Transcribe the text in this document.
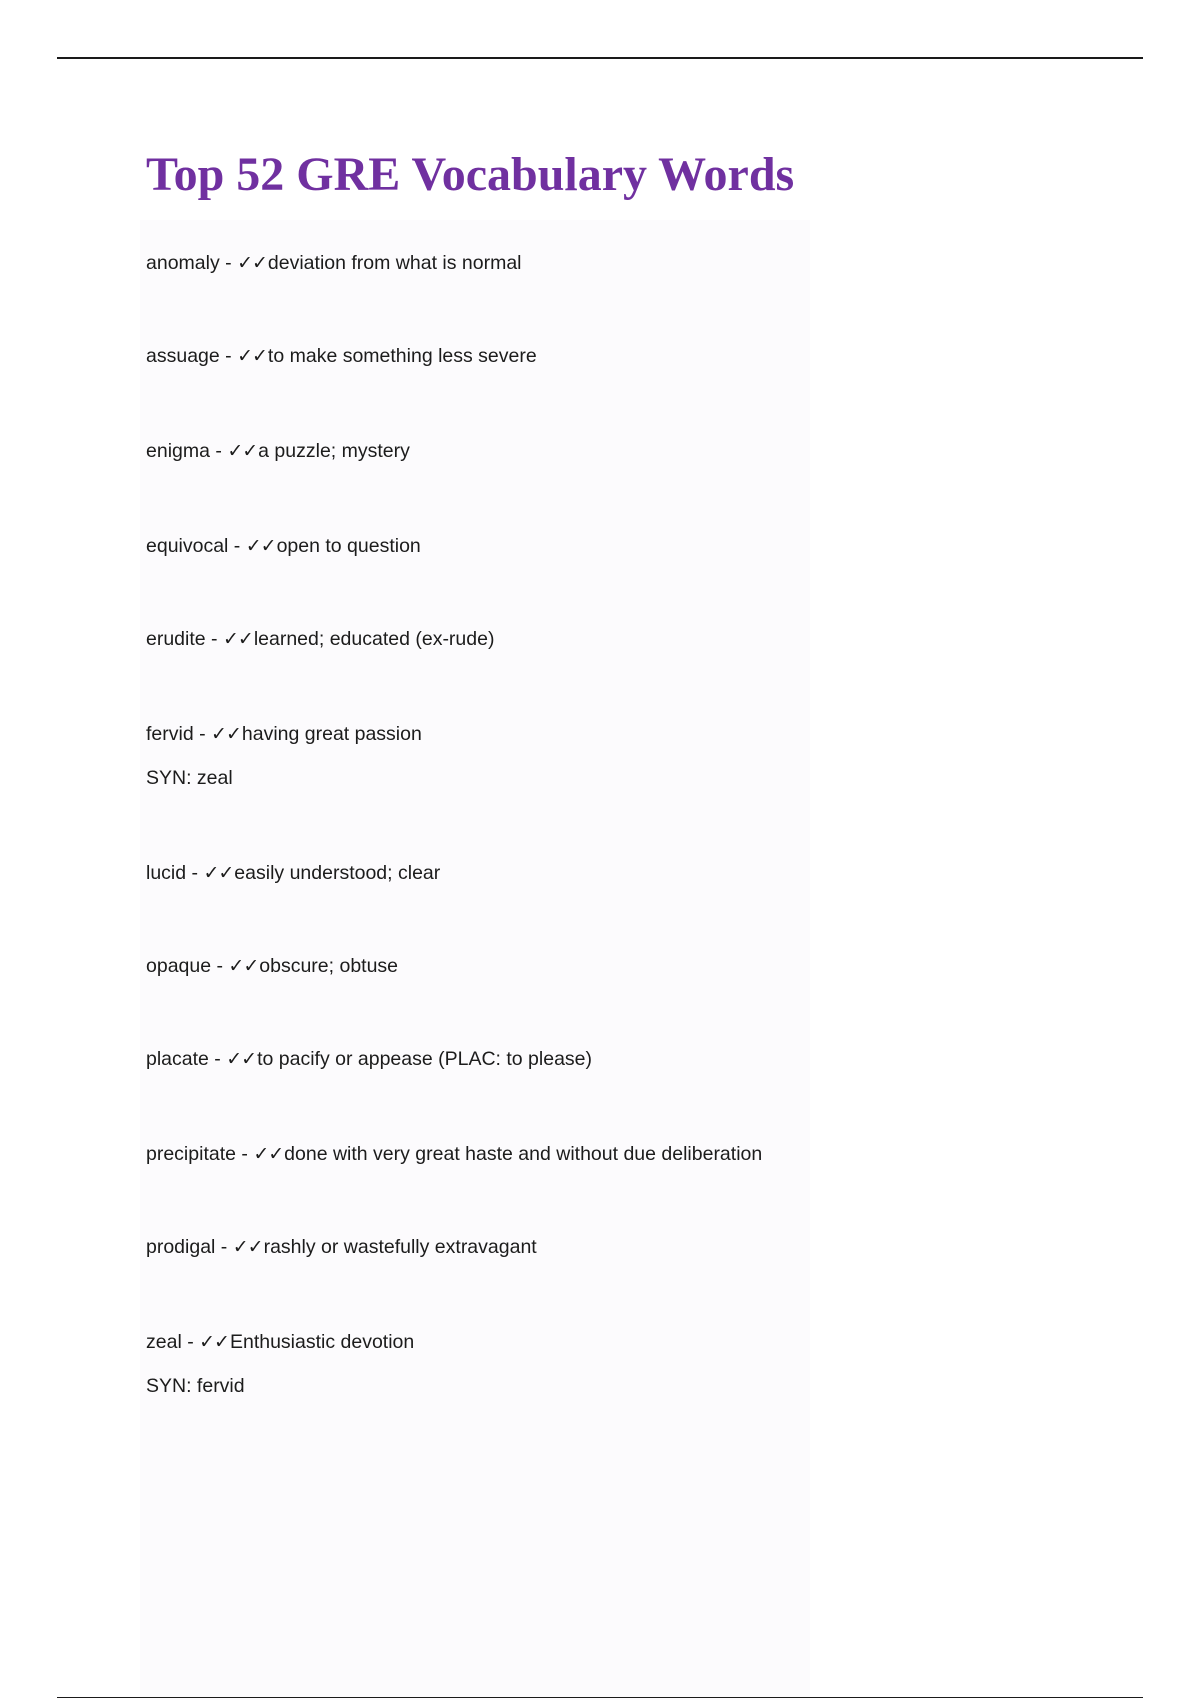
Top 52 GRE Vocabulary Words
anomaly - ✓✓deviation from what is normal
assuage - ✓✓to make something less severe
enigma - ✓✓a puzzle; mystery
equivocal - ✓✓open to question
erudite - ✓✓learned; educated (ex-rude)
fervid - ✓✓having great passion
SYN: zeal
lucid - ✓✓easily understood; clear
opaque - ✓✓obscure; obtuse
placate - ✓✓to pacify or appease (PLAC: to please)
precipitate - ✓✓done with very great haste and without due deliberation
prodigal - ✓✓rashly or wastefully extravagant
zeal - ✓✓Enthusiastic devotion
SYN: fervid
